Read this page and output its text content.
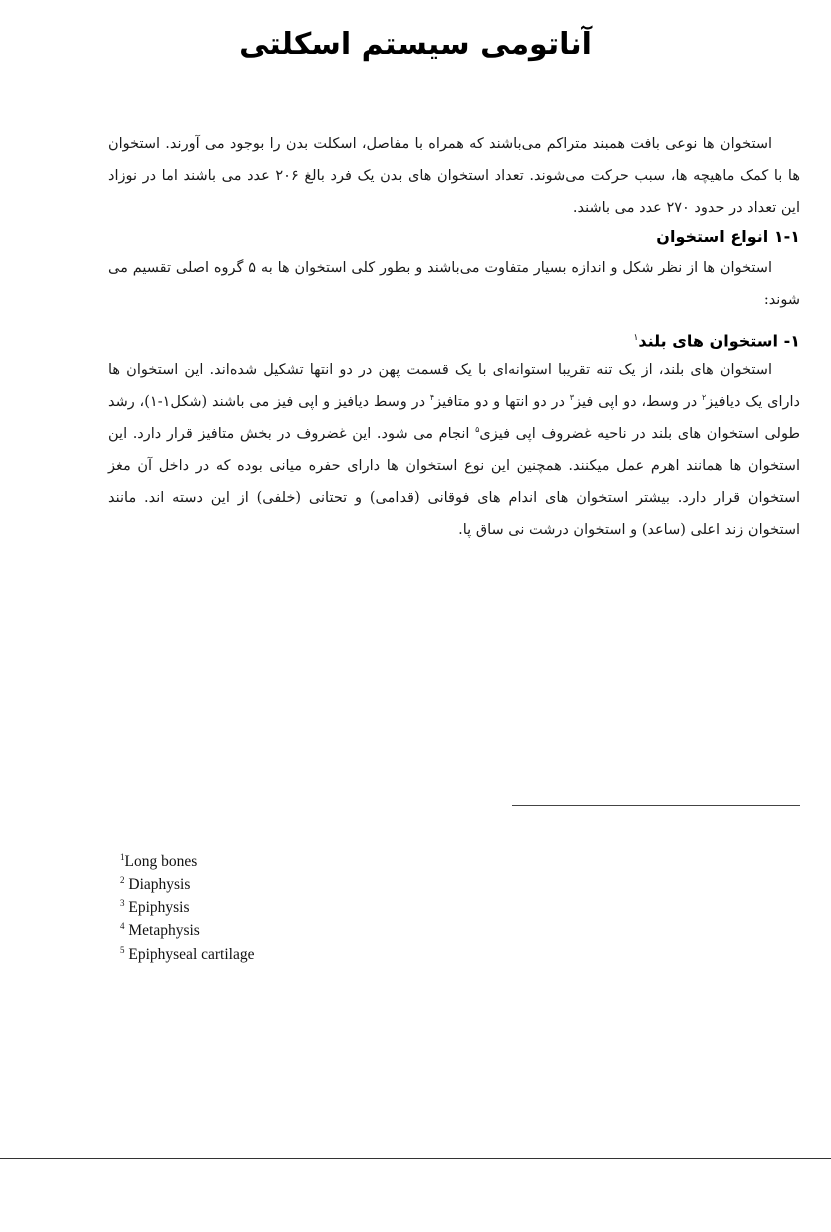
آناتومی سیستم اسکلتی

استخوان ها نوعی بافت همبند متراکم می‌باشند که همراه با مفاصل، اسکلت بدن را بوجود می آورند. استخوان ها با کمک ماهیچه ها، سبب حرکت می‌شوند. تعداد استخوان های بدن یک فرد بالغ ۲۰۶ عدد می باشند اما در نوزاد این تعداد در حدود ۲۷۰ عدد می باشند.

۱-۱ انواع استخوان

استخوان ها از نظر شکل و اندازه بسیار متفاوت می‌باشند و بطور کلی استخوان ها به ۵ گروه اصلی تقسیم می شوند:

۱- استخوان های بلند$^۱$

استخوان های بلند، از یک تنه تقریبا استوانه‌ای با یک قسمت پهن در دو انتها تشکیل شده‌اند. این استخوان ها دارای یک دیافیز$^۲$ در وسط، دو اپی فیز$^۳$ در دو انتها و دو متافیز$^۴$ در وسط دیافیز و اپی فیز می باشند (شکل۱-۱)، رشد طولی استخوان های بلند در ناحیه غضروف اپی فیزی$^۵$ انجام می شود. این غضروف در بخش متافیز قرار دارد. این استخوان ها همانند اهرم عمل میکنند. همچنین این نوع استخوان ها دارای حفره میانی بوده که در داخل آن مغز استخوان قرار دارد. بیشتر استخوان های اندام های فوقانی (قدامی) و تحتانی (خلفی) از این دسته اند. مانند استخوان زند اعلی (ساعد) و استخوان درشت نی ساق پا.

$^1$Long bones

$^2$ Diaphysis

$^3$ Epiphysis

$^4$ Metaphysis

$^5$ Epiphyseal cartilage
